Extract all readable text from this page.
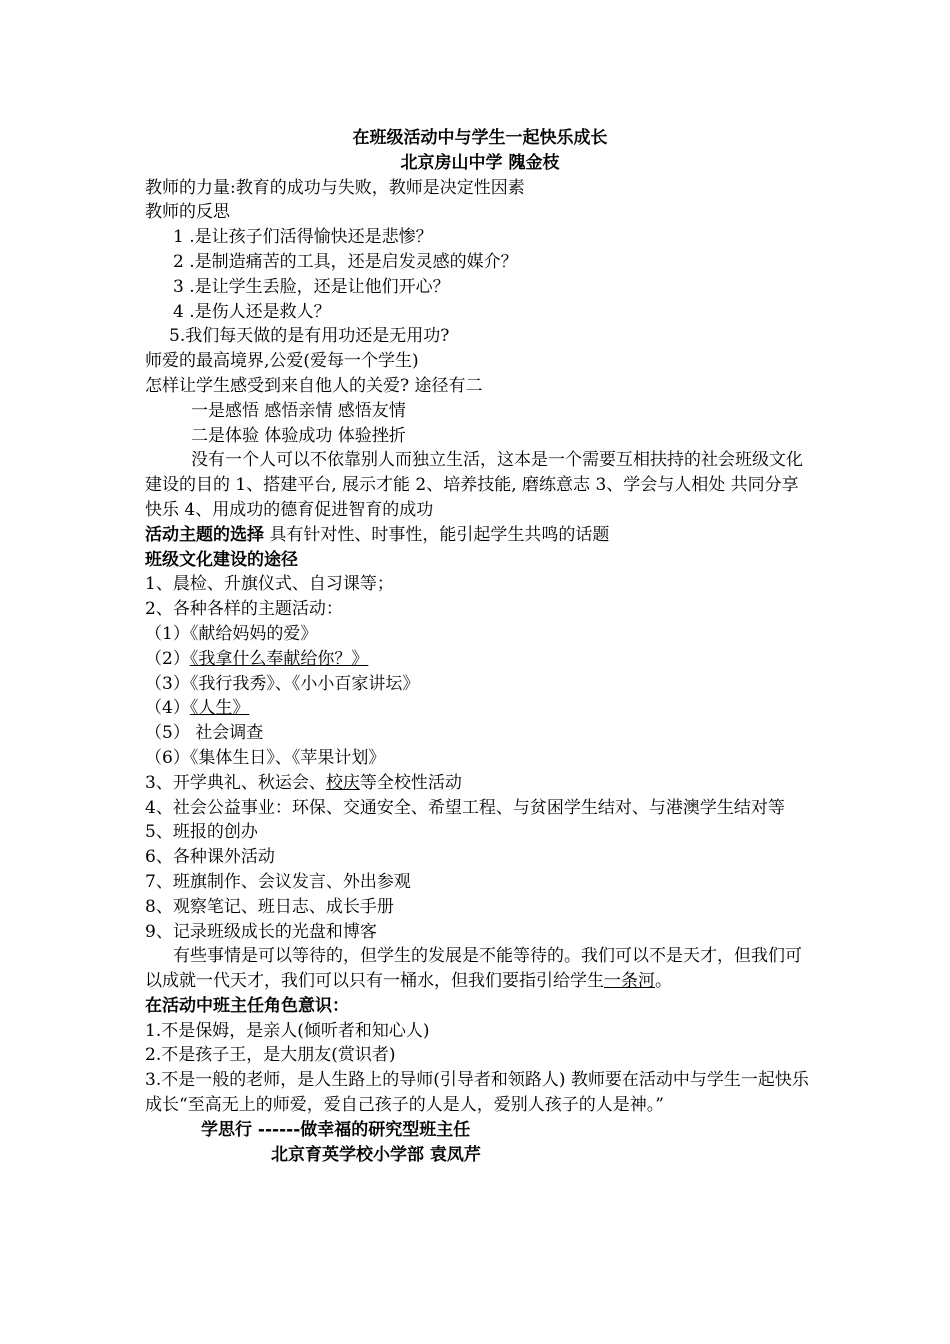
在班级活动中与学生一起快乐成长
北京房山中学 隗金枝
教师的力量:教育的成功与失败，教师是决定性因素
教师的反思
1 .是让孩子们活得愉快还是悲惨？
2 .是制造痛苦的工具，还是启发灵感的媒介？
3 .是让学生丢脸，还是让他们开心？
4 .是伤人还是救人？
5.我们每天做的是有用功还是无用功?
师爱的最高境界,公爱(爱每一个学生)
怎样让学生感受到来自他人的关爱? 途径有二
一是感悟 感悟亲情 感悟友情
二是体验 体验成功 体验挫折
没有一个人可以不依靠别人而独立生活，这本是一个需要互相扶持的社会班级文化建设的目的 1、搭建平台, 展示才能 2、培养技能, 磨练意志 3、学会与人相处 共同分享快乐 4、用成功的德育促进智育的成功
活动主题的选择 具有针对性、时事性，能引起学生共鸣的话题
班级文化建设的途径
1、晨检、升旗仪式、自习课等；
2、各种各样的主题活动：
（1）《献给妈妈的爱》
（2）《我拿什么奉献给你？》
（3）《我行我秀》、《小小百家讲坛》
（4）《人生》
（5） 社会调查
（6）《集体生日》、《苹果计划》
3、开学典礼、秋运会、校庆等全校性活动
4、社会公益事业：环保、交通安全、希望工程、与贫困学生结对、与港澳学生结对等
5、班报的创办
6、各种课外活动
7、班旗制作、会议发言、外出参观
8、观察笔记、班日志、成长手册
9、记录班级成长的光盘和博客
有些事情是可以等待的，但学生的发展是不能等待的。我们可以不是天才，但我们可以成就一代天才，我们可以只有一桶水，但我们要指引给学生一条河。
在活动中班主任角色意识：
1.不是保姆，是亲人(倾听者和知心人)
2.不是孩子王，是大朋友(赏识者)
3.不是一般的老师，是人生路上的导师(引导者和领路人) 教师要在活动中与学生一起快乐成长“至高无上的师爱，爱自己孩子的人是人，爱别人孩子的人是神。”
学思行 ------做幸福的研究型班主任
北京育英学校小学部 袁凤芹
